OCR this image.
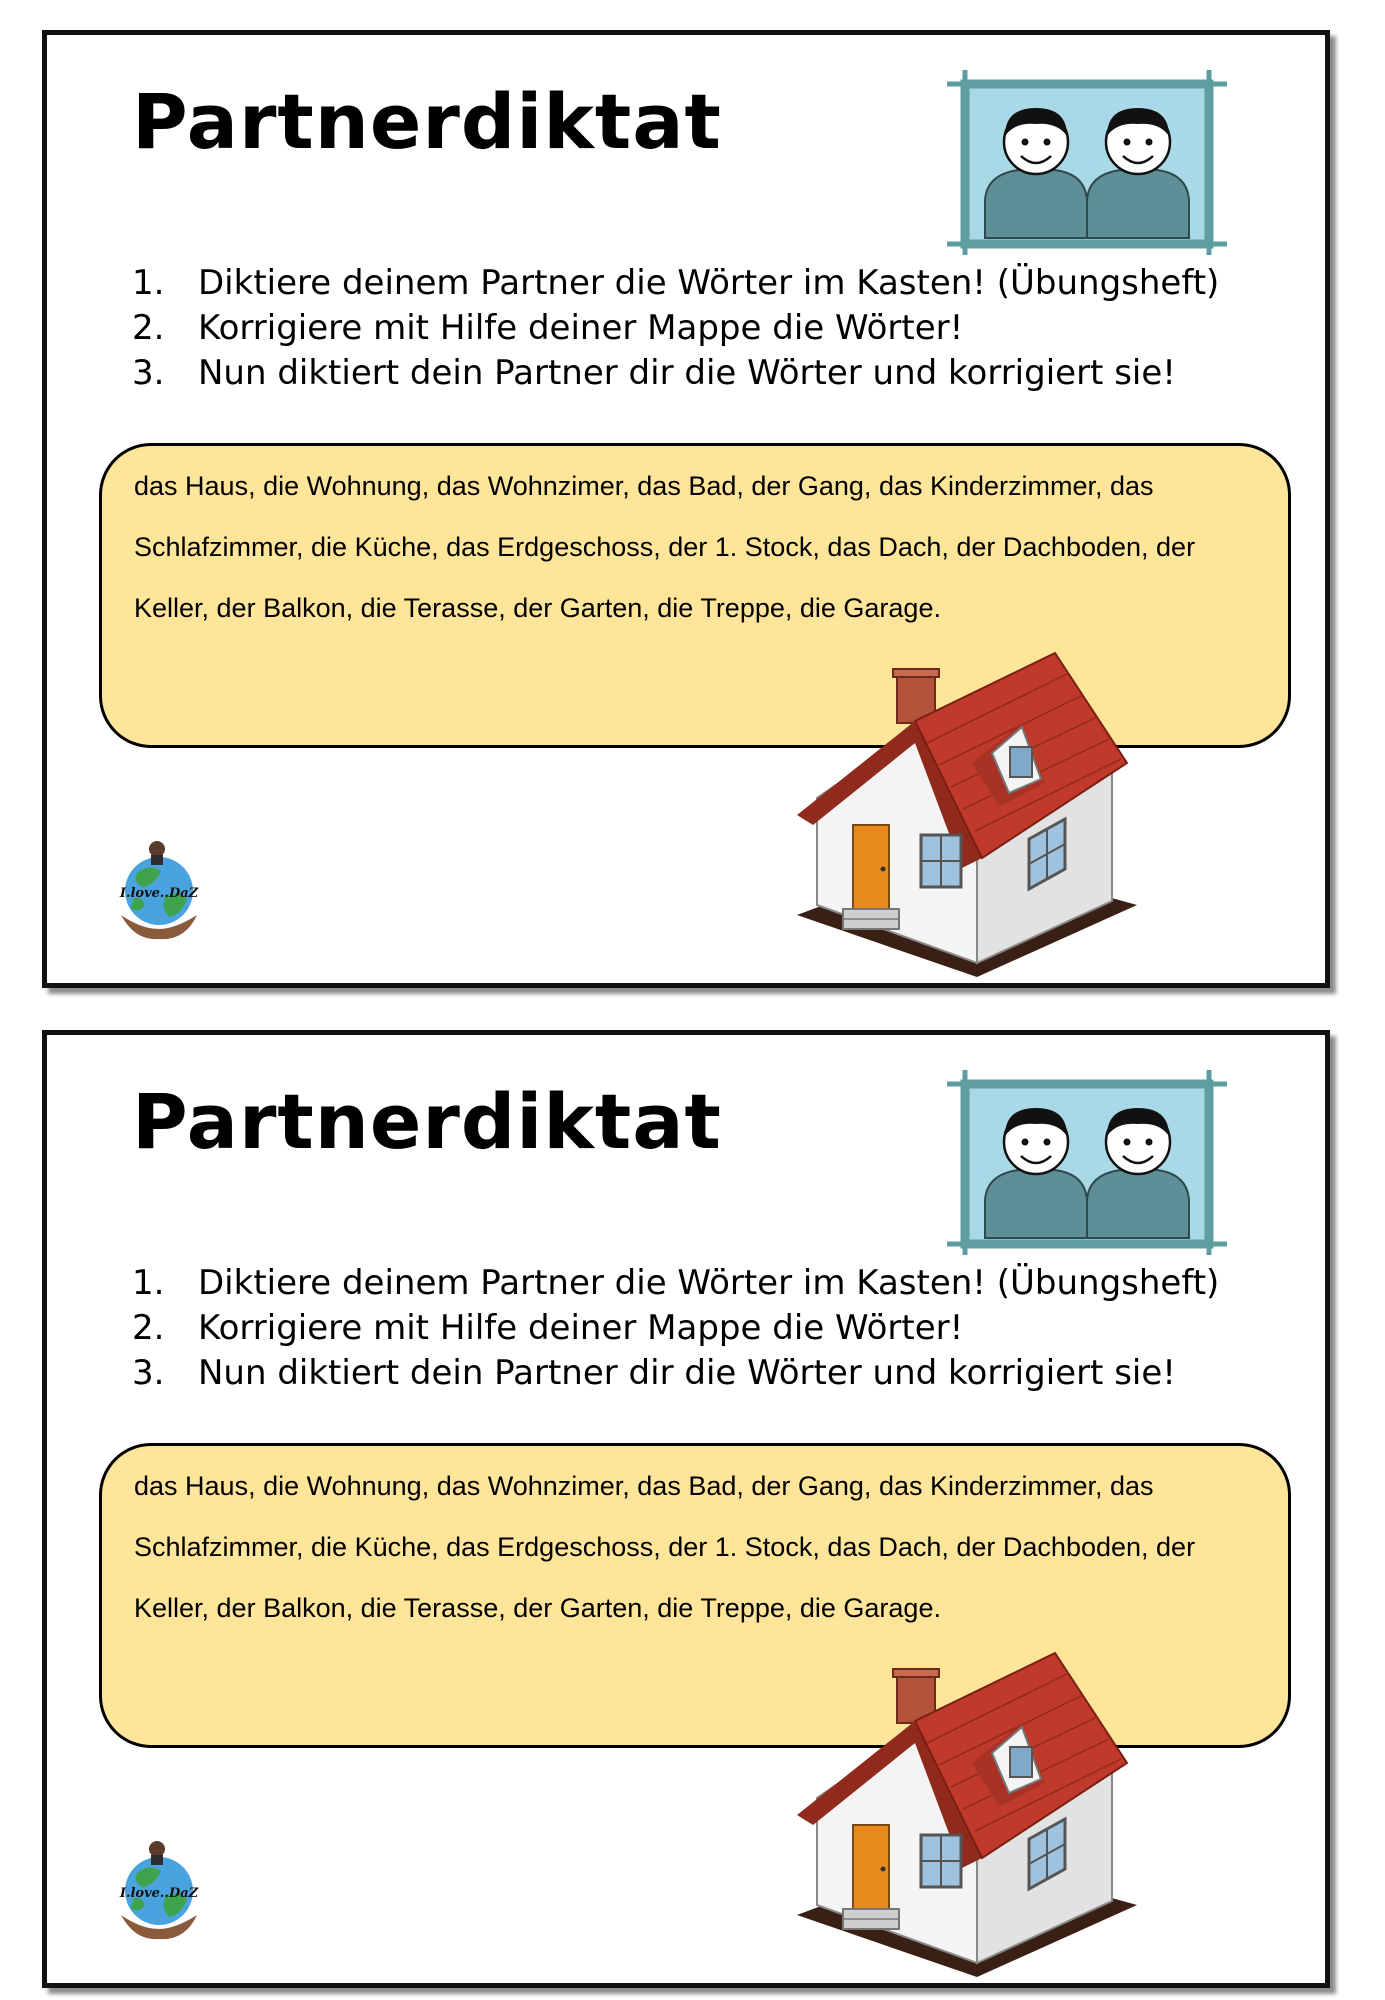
Partnerdiktat
1. Diktiere deinem Partner die Wörter im Kasten! (Übungsheft)
2. Korrigiere mit Hilfe deiner Mappe die Wörter!
3. Nun diktiert dein Partner dir die Wörter und korrigiert sie!

das Haus, die Wohnung, das Wohnzimer, das Bad, der Gang, das Kinderzimmer, das Schlafzimmer, die Küche, das Erdgeschoss, der 1. Stock, das Dach, der Dachboden, der Keller, der Balkon, die Terasse, der Garten, die Treppe, die Garage.

I.love..DaZ
Partnerdiktat
1. Diktiere deinem Partner die Wörter im Kasten! (Übungsheft)
2. Korrigiere mit Hilfe deiner Mappe die Wörter!
3. Nun diktiert dein Partner dir die Wörter und korrigiert sie!

das Haus, die Wohnung, das Wohnzimer, das Bad, der Gang, das Kinderzimmer, das Schlafzimmer, die Küche, das Erdgeschoss, der 1. Stock, das Dach, der Dachboden, der Keller, der Balkon, die Terasse, der Garten, die Treppe, die Garage.

I.love..DaZ
